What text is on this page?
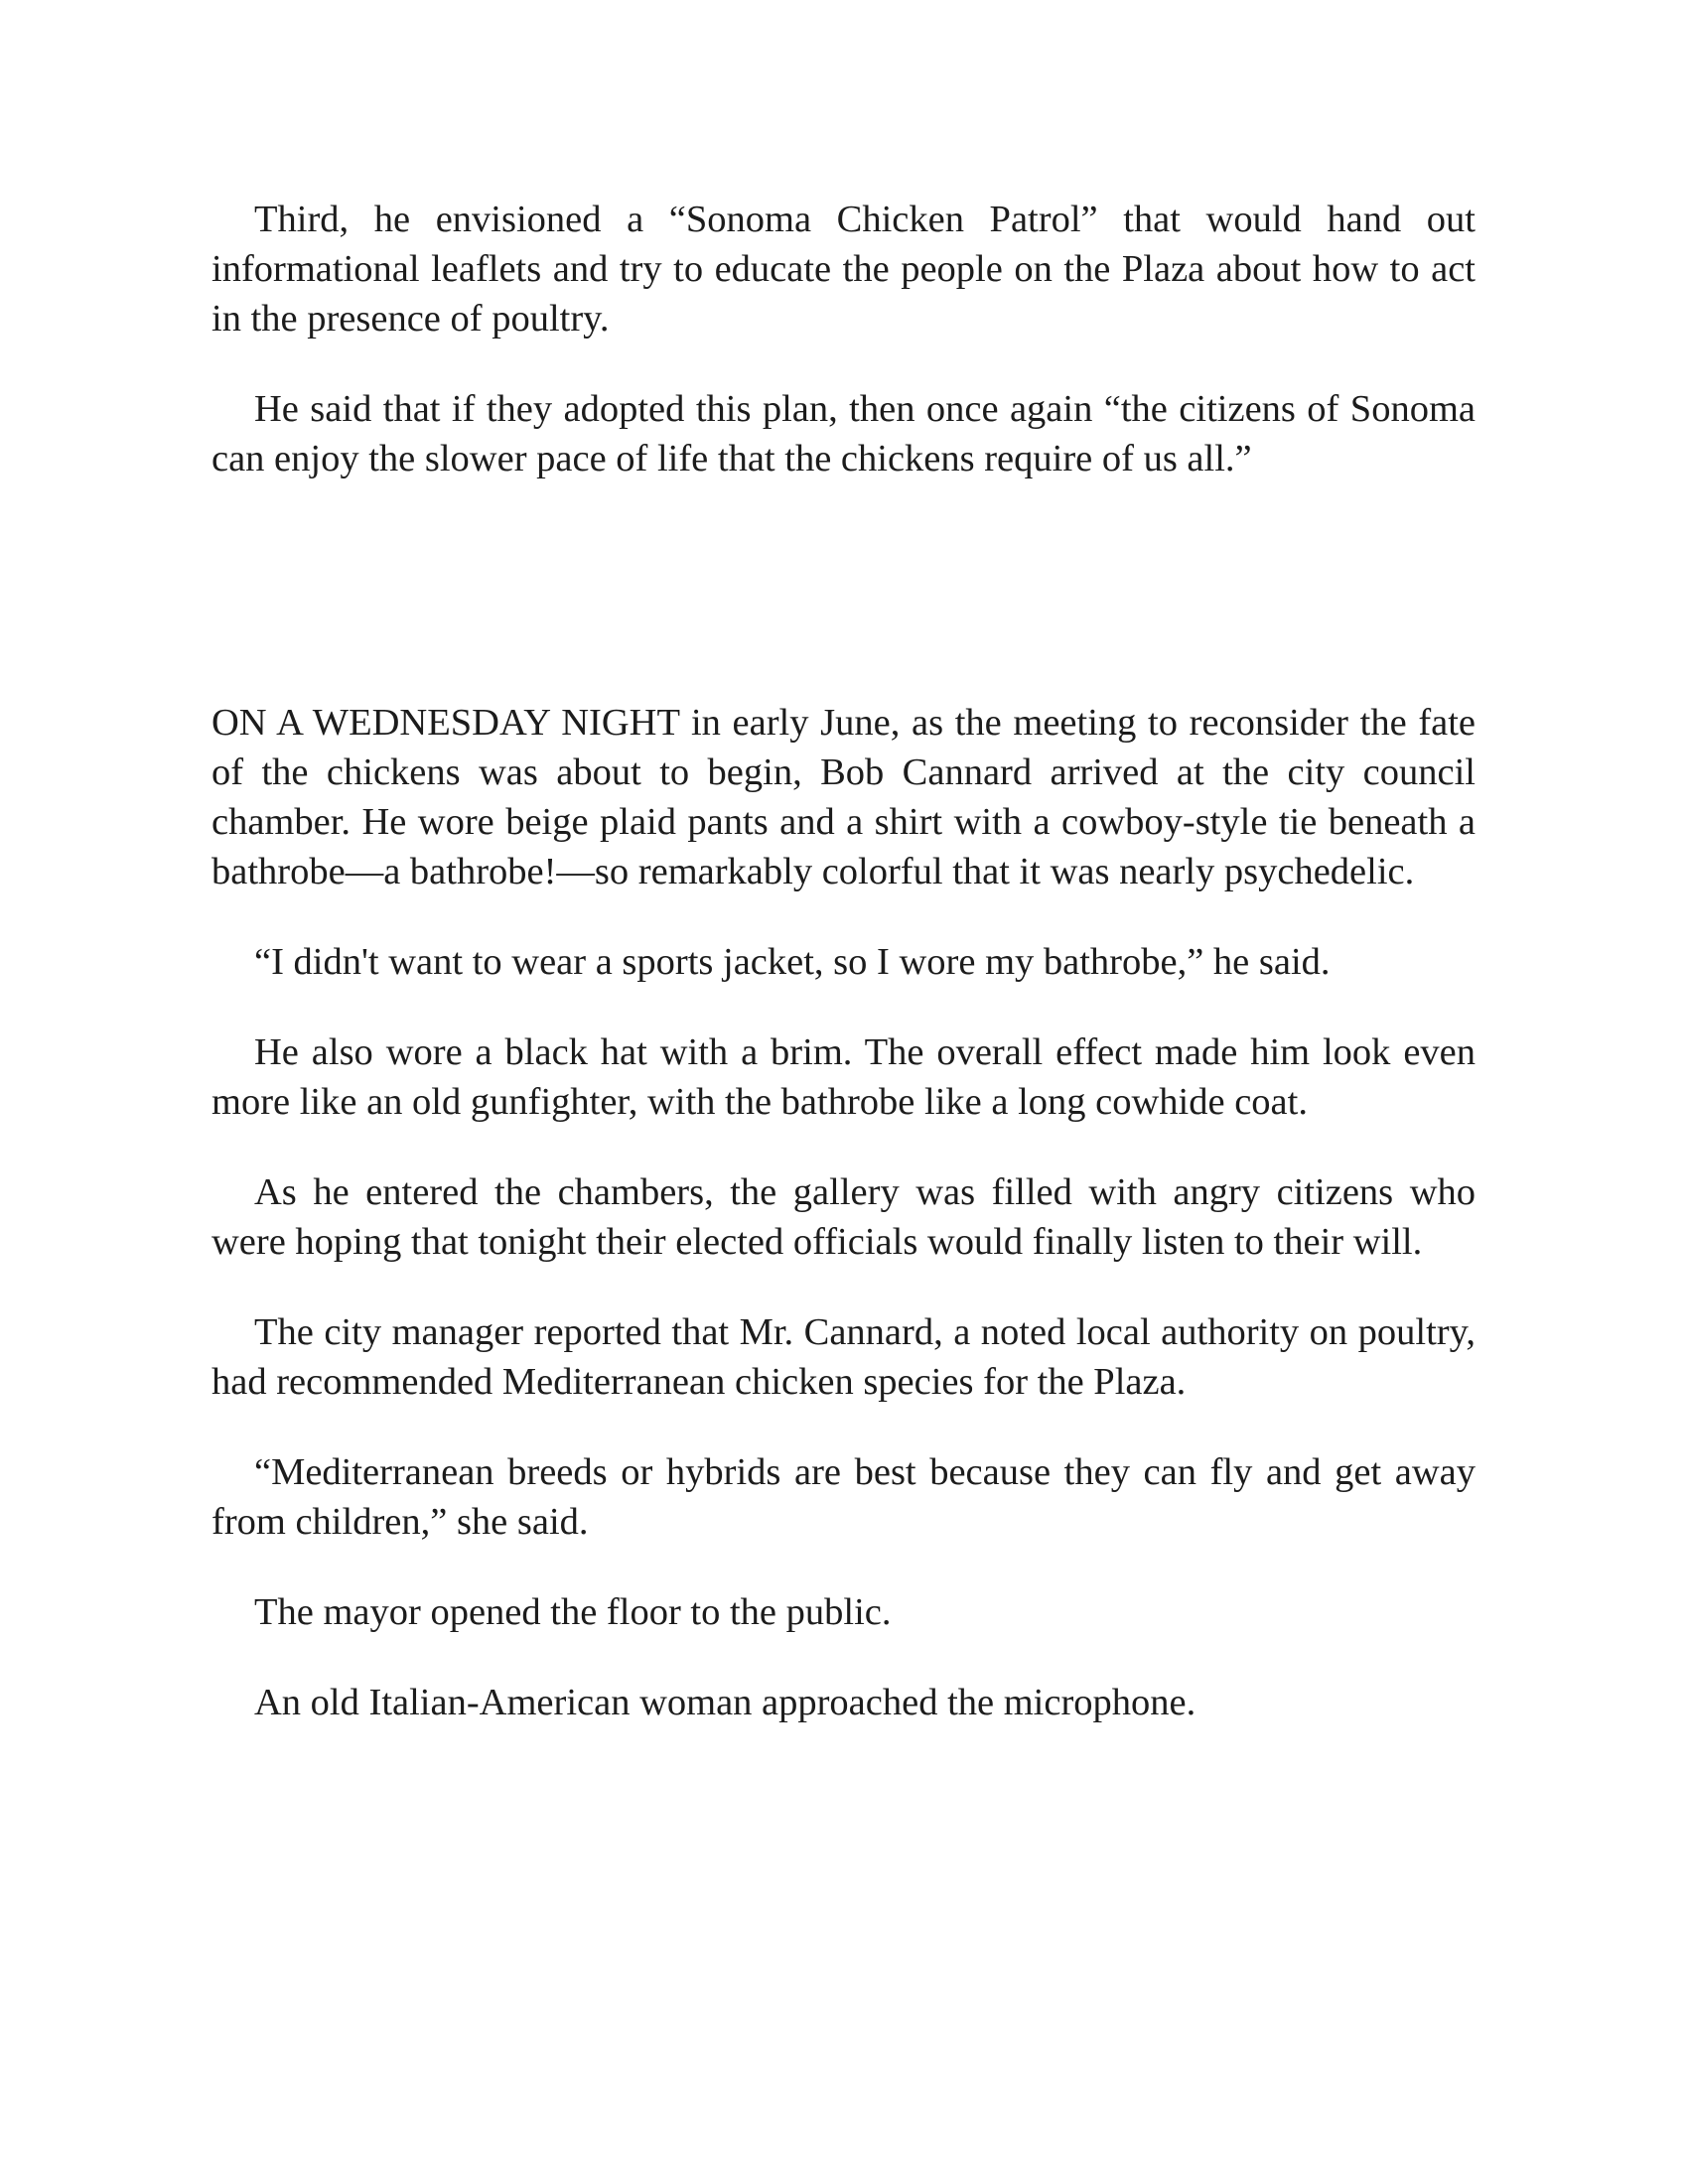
Third, he envisioned a “Sonoma Chicken Patrol” that would hand out informational leaflets and try to educate the people on the Plaza about how to act in the presence of poultry.

He said that if they adopted this plan, then once again “the citizens of Sonoma can enjoy the slower pace of life that the chickens require of us all.”

ON A WEDNESDAY NIGHT in early June, as the meeting to reconsider the fate of the chickens was about to begin, Bob Cannard arrived at the city council chamber. He wore beige plaid pants and a shirt with a cowboy-style tie beneath a bathrobe—a bathrobe!—so remarkably colorful that it was nearly psychedelic.

“I didn't want to wear a sports jacket, so I wore my bathrobe,” he said.

He also wore a black hat with a brim. The overall effect made him look even more like an old gunfighter, with the bathrobe like a long cowhide coat.

As he entered the chambers, the gallery was filled with angry citizens who were hoping that tonight their elected officials would finally listen to their will.

The city manager reported that Mr. Cannard, a noted local authority on poultry, had recommended Mediterranean chicken species for the Plaza.

“Mediterranean breeds or hybrids are best because they can fly and get away from children,” she said.

The mayor opened the floor to the public.

An old Italian-American woman approached the microphone.
